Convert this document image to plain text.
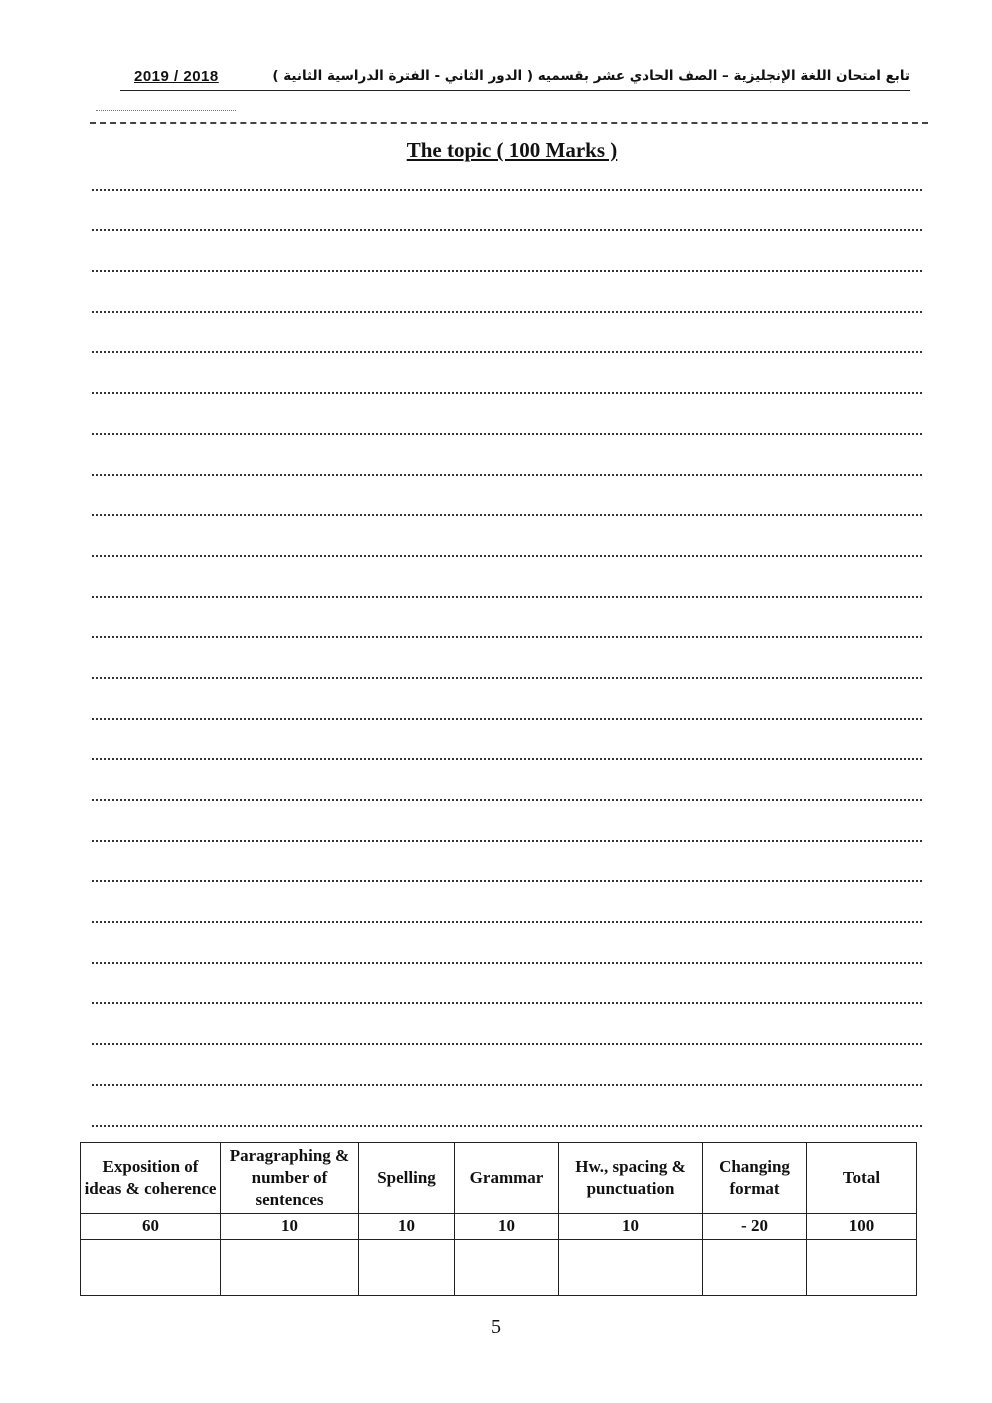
2019 / 2018	تابع امتحان اللغة الإنجليزية – الصف الحادي عشر بقسميه ( الدور الثاني - الفترة الدراسية الثانية )
The topic ( 100 Marks )
Exposition of ideas & coherence	Paragraphing & number of sentences	Spelling	Grammar	Hw., spacing & punctuation	Changing format	Total
60	10	10	10	10	- 20	100

5
